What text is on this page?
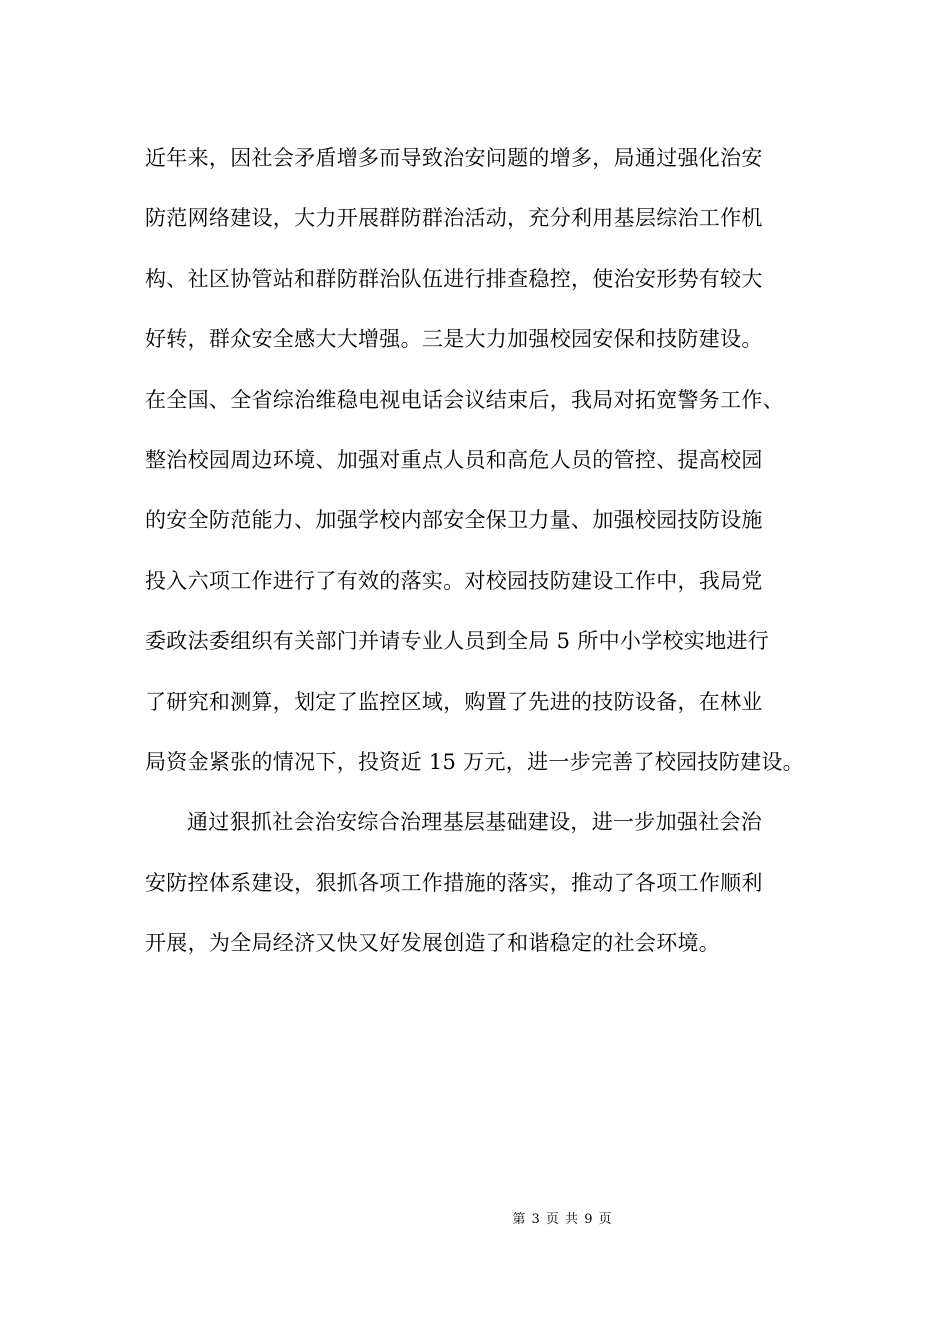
近年来，因社会矛盾增多而导致治安问题的增多，局通过强化治安
防范网络建设，大力开展群防群治活动，充分利用基层综治工作机
构、社区协管站和群防群治队伍进行排查稳控，使治安形势有较大
好转，群众安全感大大增强。三是大力加强校园安保和技防建设。
在全国、全省综治维稳电视电话会议结束后，我局对拓宽警务工作、
整治校园周边环境、加强对重点人员和高危人员的管控、提高校园
的安全防范能力、加强学校内部安全保卫力量、加强校园技防设施
投入六项工作进行了有效的落实。对校园技防建设工作中，我局党
委政法委组织有关部门并请专业人员到全局 5 所中小学校实地进行
了研究和测算，划定了监控区域，购置了先进的技防设备，在林业
局资金紧张的情况下，投资近 15 万元，进一步完善了校园技防建设。
通过狠抓社会治安综合治理基层基础建设，进一步加强社会治
安防控体系建设，狠抓各项工作措施的落实，推动了各项工作顺利
开展，为全局经济又快又好发展创造了和谐稳定的社会环境。
第 3 页 共 9 页
